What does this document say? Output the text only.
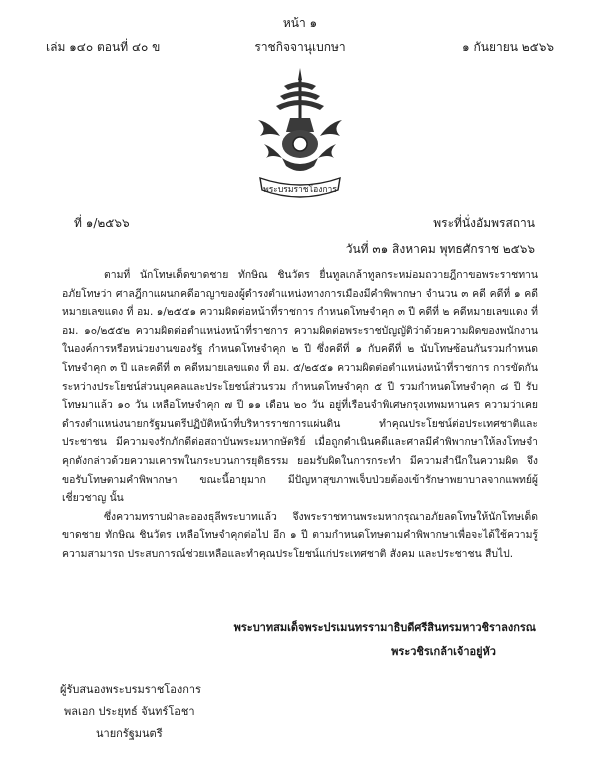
หน้า ๑
ราชกิจจานุเบกษา
เล่ม ๑๔๐ ตอนที่ ๔๐ ข	๑ กันยายน ๒๕๖๖
พระบรมราชโองการ
ที่ ๑/๒๕๖๖	พระที่นั่งอัมพรสถาน
วันที่ ๓๑ สิงหาคม พุทธศักราช ๒๕๖๖

ตามที่ นักโทษเด็ดขาดชาย ทักษิณ ชินวัตร ยื่นทูลเกล้าทูลกระหม่อมถวายฎีกาขอพระราชทานอภัยโทษว่า ศาลฎีกาแผนกคดีอาญาของผู้ดำรงตำแหน่งทางการเมืองมีคำพิพากษา จำนวน ๓ คดี คดีที่ ๑ คดีหมายเลขแดง ที่ อม. ๑/๒๕๕๑ ความผิดต่อหน้าที่ราชการ กำหนดโทษจำคุก ๓ ปี คดีที่ ๒ คดีหมายเลขแดง ที่ อม. ๑๐/๒๕๕๒ ความผิดต่อตำแหน่งหน้าที่ราชการ ความผิดต่อพระราชบัญญัติว่าด้วยความผิดของพนักงานในองค์การหรือหน่วยงานของรัฐ กำหนดโทษจำคุก ๒ ปี ซึ่งคดีที่ ๑ กับคดีที่ ๒ นับโทษซ้อนกันรวมกำหนดโทษจำคุก ๓ ปี และคดีที่ ๓ คดีหมายเลขแดง ที่ อม. ๕/๒๕๕๑ ความผิดต่อตำแหน่งหน้าที่ราชการ การขัดกันระหว่างประโยชน์ส่วนบุคคลและประโยชน์ส่วนรวม กำหนดโทษจำคุก ๕ ปี รวมกำหนดโทษจำคุก ๘ ปี รับโทษมาแล้ว ๑๐ วัน เหลือโทษจำคุก ๗ ปี ๑๑ เดือน ๒๐ วัน อยู่ที่เรือนจำพิเศษกรุงเทพมหานคร ความว่าเคยดำรงตำแหน่งนายกรัฐมนตรีปฏิบัติหน้าที่บริหารราชการแผ่นดิน ทำคุณประโยชน์ต่อประเทศชาติและประชาชน มีความจงรักภักดีต่อสถาบันพระมหากษัตริย์ เมื่อถูกดำเนินคดีและศาลมีคำพิพากษาให้ลงโทษจำคุกดังกล่าวด้วยความเคารพในกระบวนการยุติธรรม ยอมรับผิดในการกระทำ มีความสำนึกในความผิด จึงขอรับโทษตามคำพิพากษา ขณะนี้อายุมาก มีปัญหาสุขภาพเจ็บป่วยต้องเข้ารักษาพยาบาลจากแพทย์ผู้เชี่ยวชาญ นั้น

ซึ่งความทราบฝ่าละอองธุลีพระบาทแล้ว จึงพระราชทานพระมหากรุณาอภัยลดโทษให้นักโทษเด็ดขาดชาย ทักษิณ ชินวัตร เหลือโทษจำคุกต่อไป อีก ๑ ปี ตามกำหนดโทษตามคำพิพากษาเพื่อจะได้ใช้ความรู้ความสามารถ ประสบการณ์ช่วยเหลือและทำคุณประโยชน์แก่ประเทศชาติ สังคม และประชาชน สืบไป.

พระบาทสมเด็จพระปรเมนทรรามาธิบดีศรีสินทรมหาวชิราลงกรณ
พระวชิรเกล้าเจ้าอยู่หัว
ผู้รับสนองพระบรมราชโองการ
พลเอก ประยุทธ์ จันทร์โอชา
นายกรัฐมนตรี
